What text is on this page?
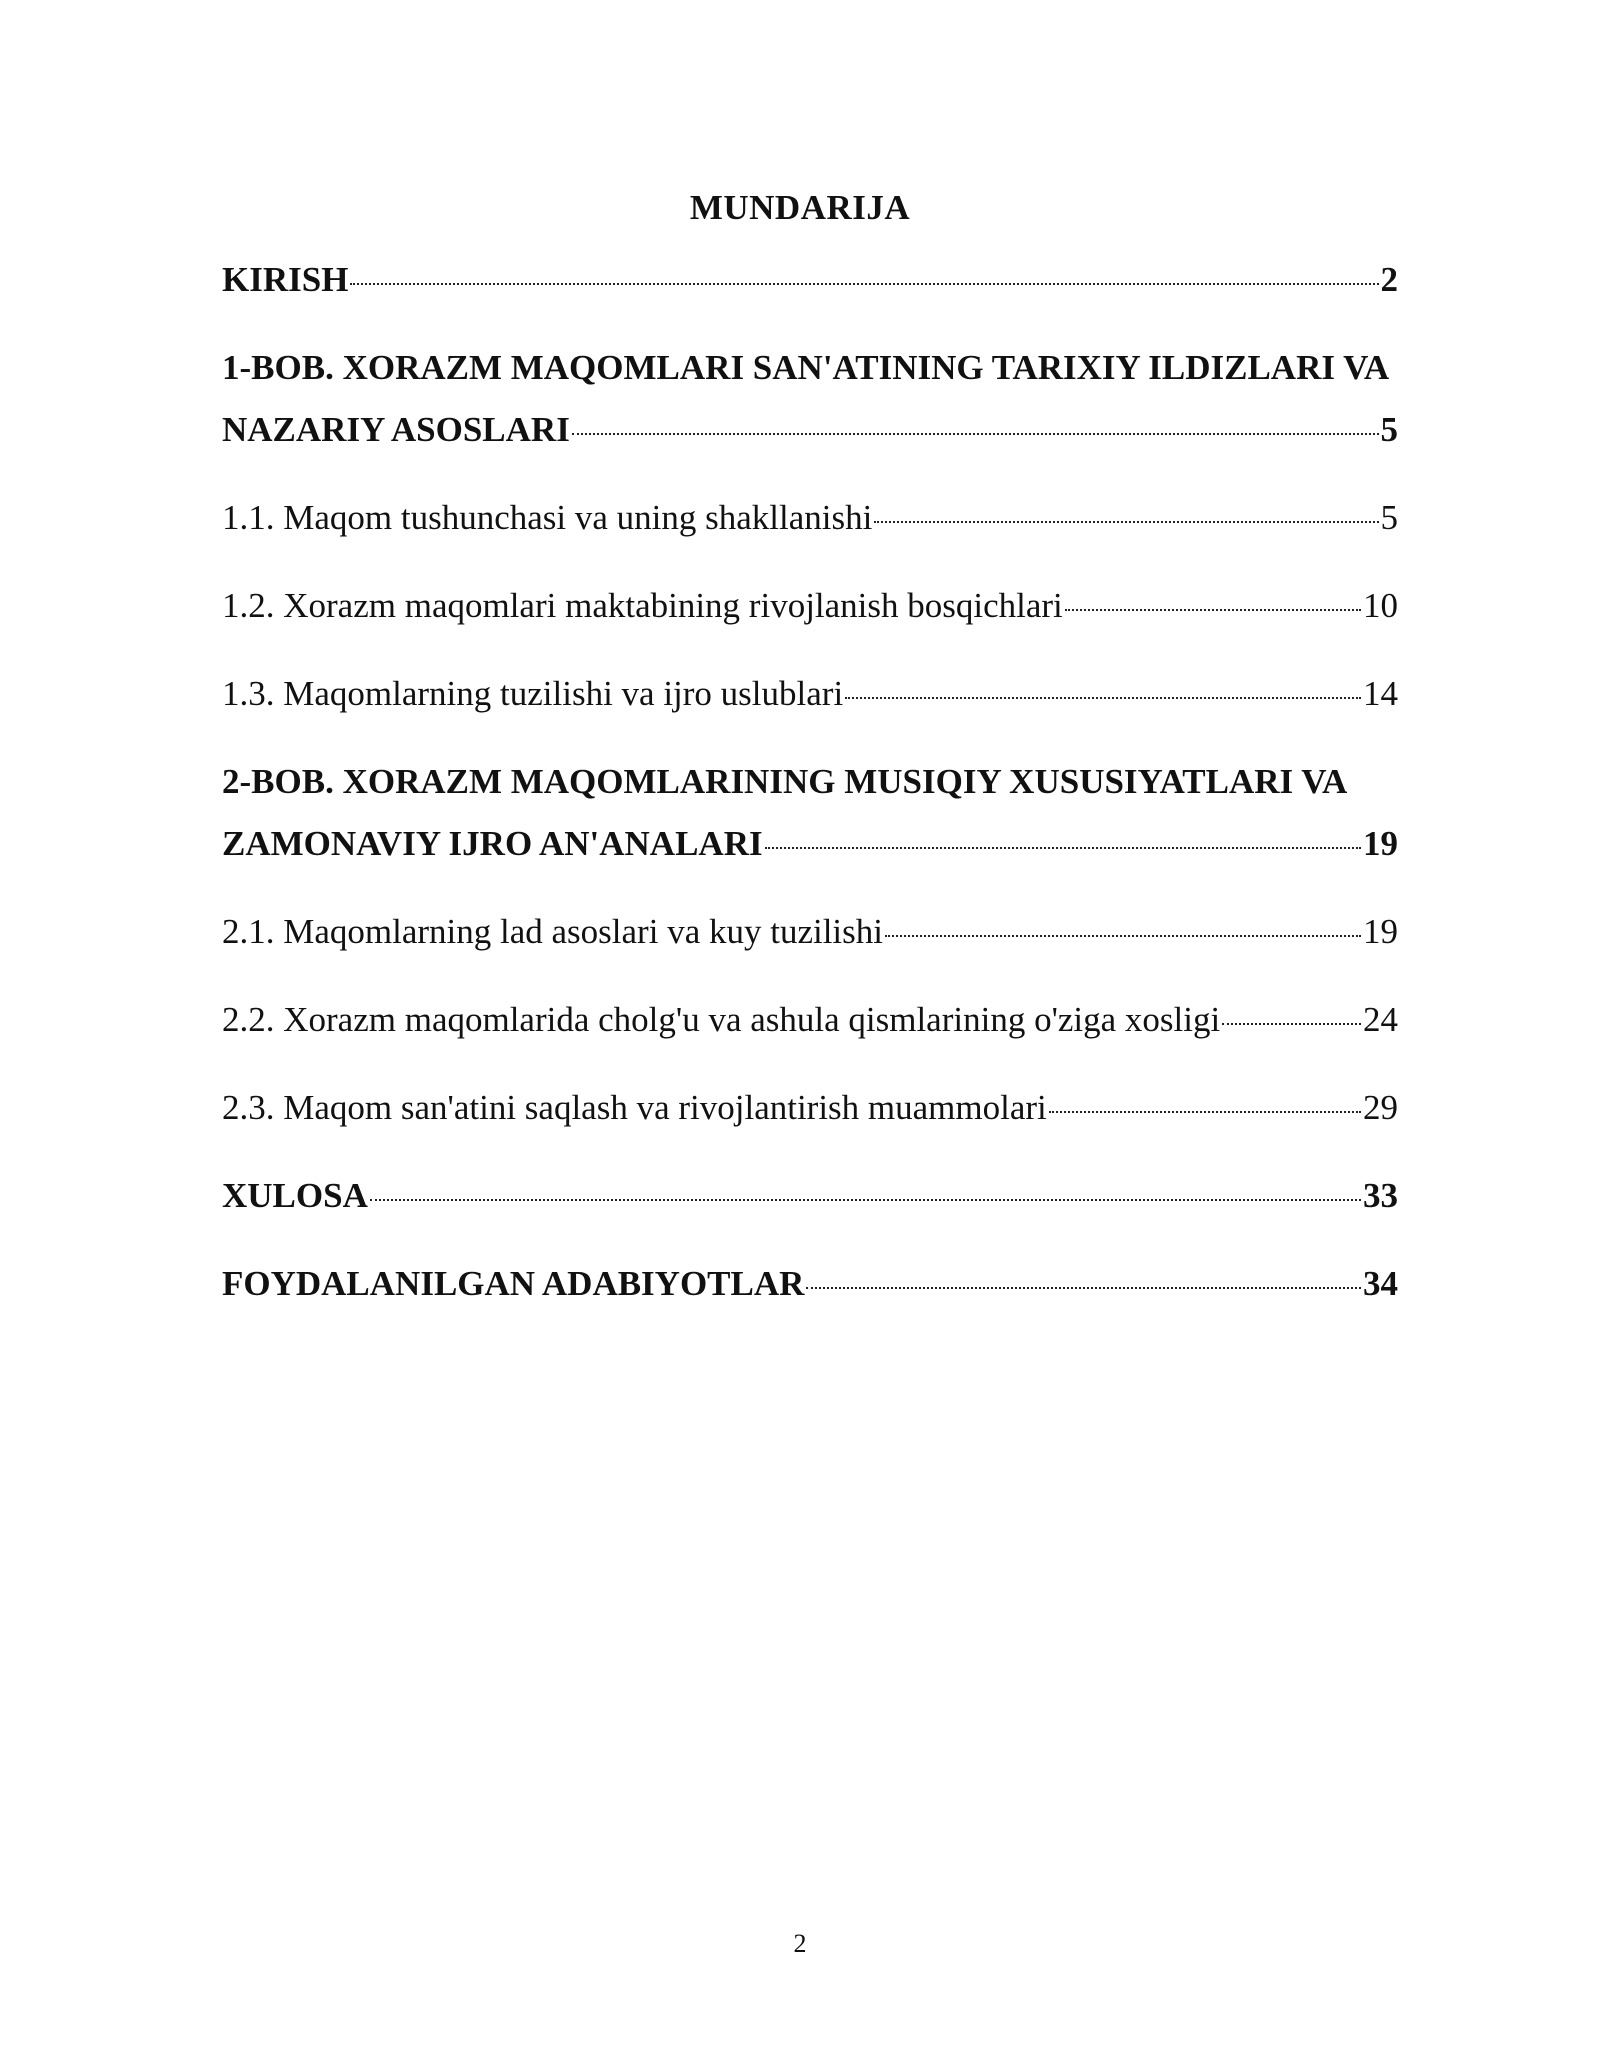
MUNDARIJA
KIRISH	2
1-BOB. XORAZM MAQOMLARI SAN'ATINING TARIXIY ILDIZLARI VA
NAZARIY ASOSLARI	5
1.1. Maqom tushunchasi va uning shakllanishi	5
1.2. Xorazm maqomlari maktabining rivojlanish bosqichlari	10
1.3. Maqomlarning tuzilishi va ijro uslublari	14
2-BOB. XORAZM MAQOMLARINING MUSIQIY XUSUSIYATLARI VA
ZAMONAVIY IJRO AN'ANALARI	19
2.1. Maqomlarning lad asoslari va kuy tuzilishi	19
2.2. Xorazm maqomlarida cholg'u va ashula qismlarining o'ziga xosligi	24
2.3. Maqom san'atini saqlash va rivojlantirish muammolari	29
XULOSA	33
FOYDALANILGAN ADABIYOTLAR	34
2
